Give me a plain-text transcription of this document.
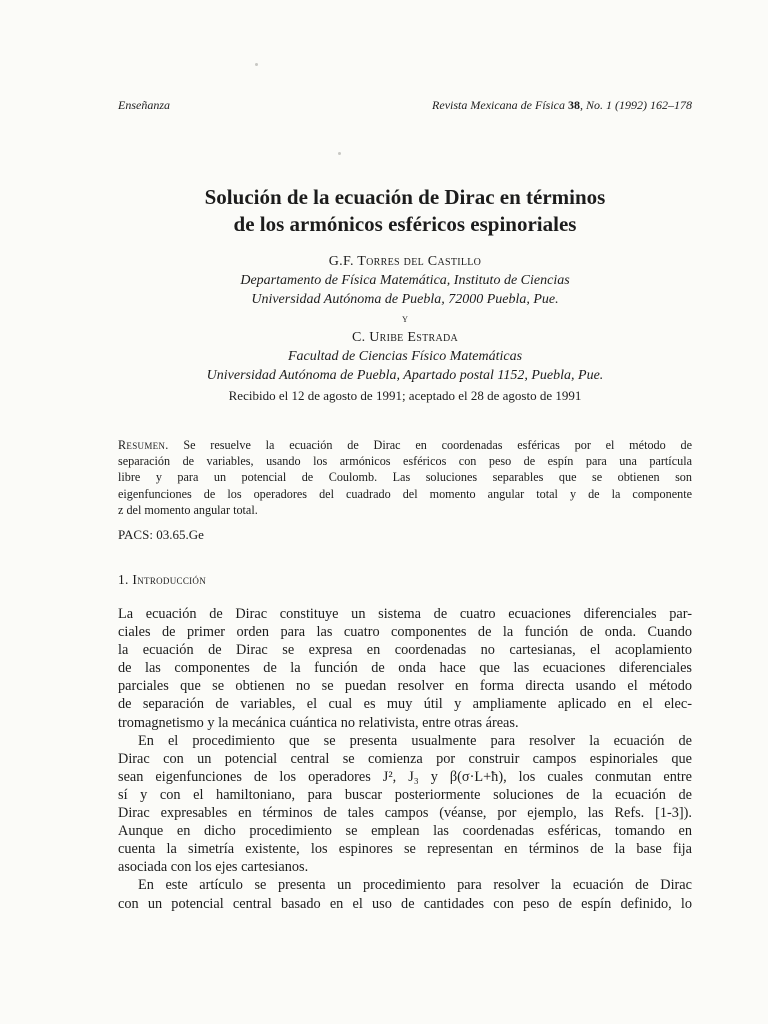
Enseñanza	Revista Mexicana de Física 38, No. 1 (1992) 162–178
Solución de la ecuación de Dirac en términos
de los armónicos esféricos espinoriales
G.F. Torres del Castillo
Departamento de Física Matemática, Instituto de Ciencias
Universidad Autónoma de Puebla, 72000 Puebla, Pue.
y
C. Uribe Estrada
Facultad de Ciencias Físico Matemáticas
Universidad Autónoma de Puebla, Apartado postal 1152, Puebla, Pue.
Recibido el 12 de agosto de 1991; aceptado el 28 de agosto de 1991
Resumen. Se resuelve la ecuación de Dirac en coordenadas esféricas por el método de
separación de variables, usando los armónicos esféricos con peso de espín para una partícula
libre y para un potencial de Coulomb. Las soluciones separables que se obtienen son
eigenfunciones de los operadores del cuadrado del momento angular total y de la componente
z del momento angular total.
PACS: 03.65.Ge
1. Introducción
La ecuación de Dirac constituye un sistema de cuatro ecuaciones diferenciales par-
ciales de primer orden para las cuatro componentes de la función de onda. Cuando
la ecuación de Dirac se expresa en coordenadas no cartesianas, el acoplamiento
de las componentes de la función de onda hace que las ecuaciones diferenciales
parciales que se obtienen no se puedan resolver en forma directa usando el método
de separación de variables, el cual es muy útil y ampliamente aplicado en el elec-
tromagnetismo y la mecánica cuántica no relativista, entre otras áreas.
En el procedimiento que se presenta usualmente para resolver la ecuación de
Dirac con un potencial central se comienza por construir campos espinoriales que
sean eigenfunciones de los operadores J², J₃ y β(σ·L+ħ), los cuales conmutan entre
sí y con el hamiltoniano, para buscar posteriormente soluciones de la ecuación de
Dirac expresables en términos de tales campos (véanse, por ejemplo, las Refs. [1-3]).
Aunque en dicho procedimiento se emplean las coordenadas esféricas, tomando en
cuenta la simetría existente, los espinores se representan en términos de la base fija
asociada con los ejes cartesianos.
En este artículo se presenta un procedimiento para resolver la ecuación de Dirac
con un potencial central basado en el uso de cantidades con peso de espín definido, lo
